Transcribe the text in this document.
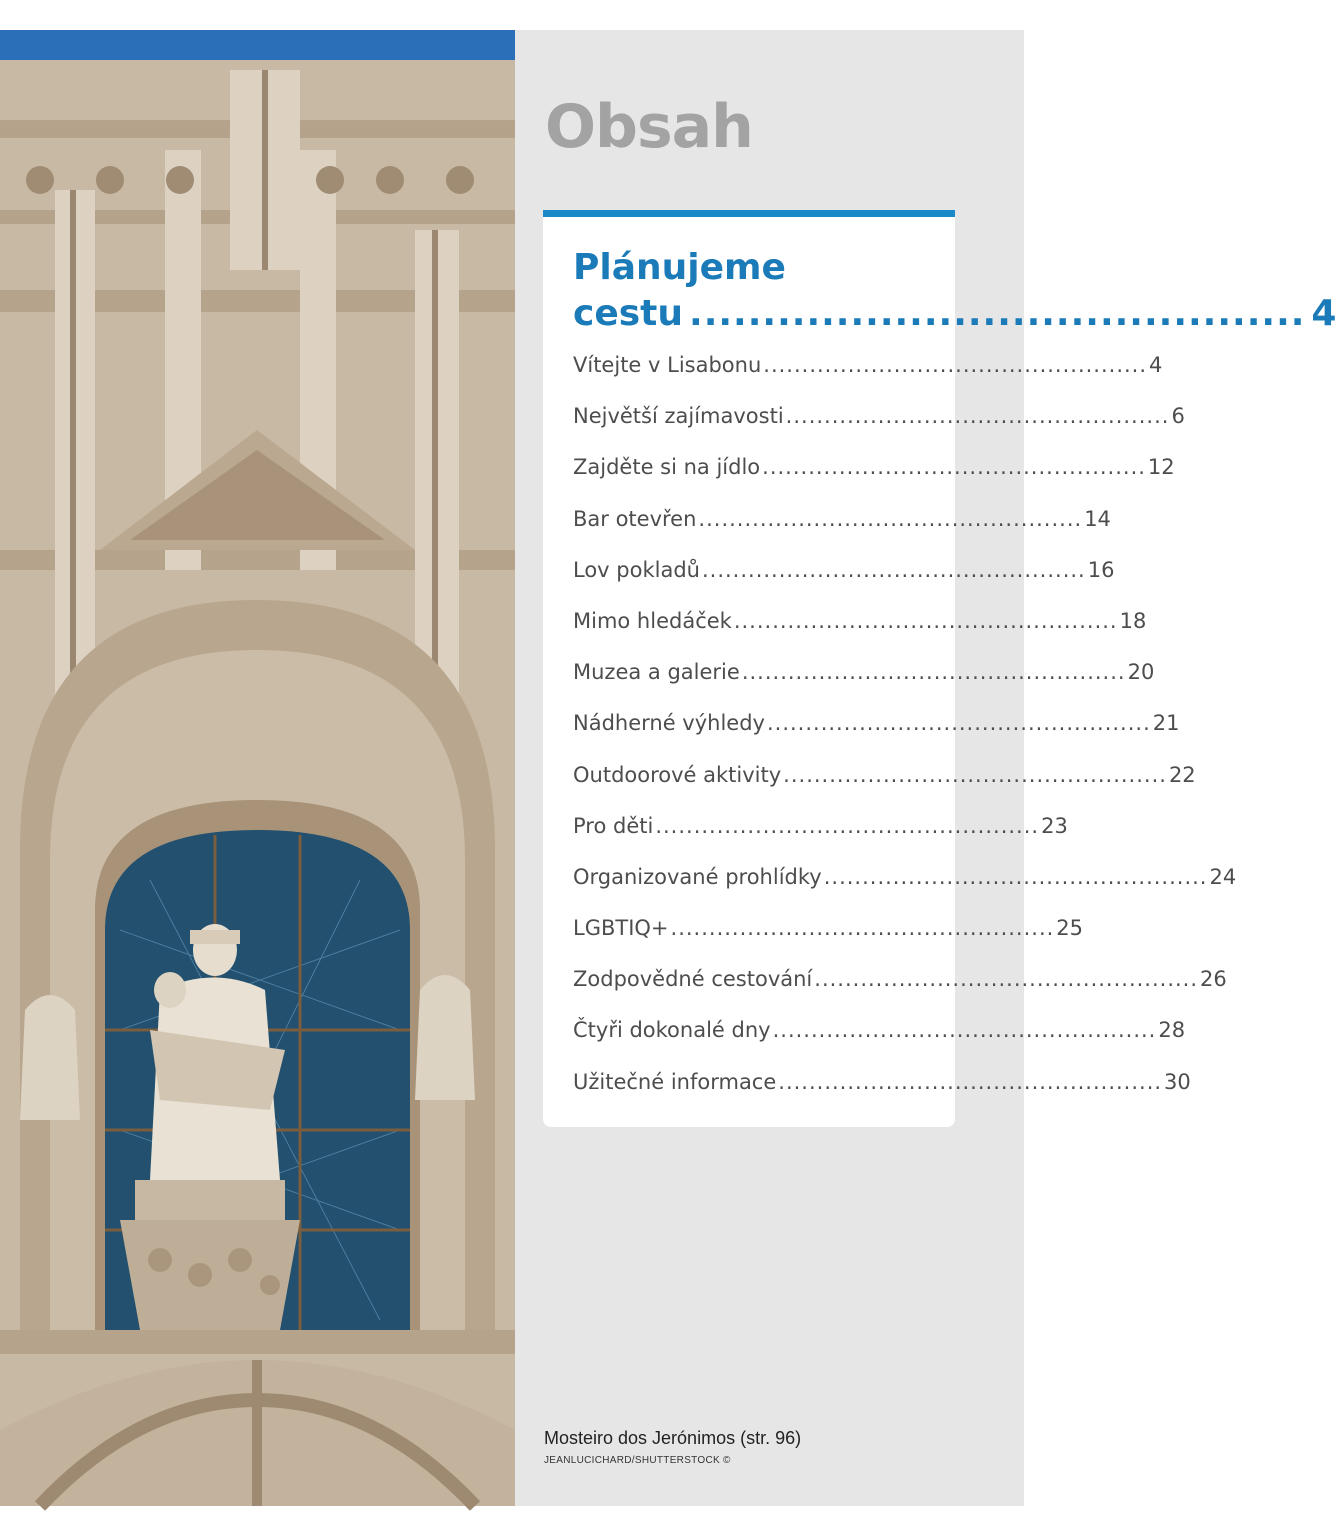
Obsah
Plánujeme
cestu .......................................... 4
Vítejte v Lisabonu .................................................. 4
Největší zajímavosti .................................................. 6
Zajděte si na jídlo .................................................. 12
Bar otevřen .................................................. 14
Lov pokladů .................................................. 16
Mimo hledáček .................................................. 18
Muzea a galerie .................................................. 20
Nádherné výhledy .................................................. 21
Outdoorové aktivity .................................................. 22
Pro děti .................................................. 23
Organizované prohlídky .................................................. 24
LGBTIQ+ .................................................. 25
Zodpovědné cestování .................................................. 26
Čtyři dokonalé dny .................................................. 28
Užitečné informace .................................................. 30
Mosteiro dos Jerónimos (str. 96)
JEANLUCICHARD/SHUTTERSTOCK ©
